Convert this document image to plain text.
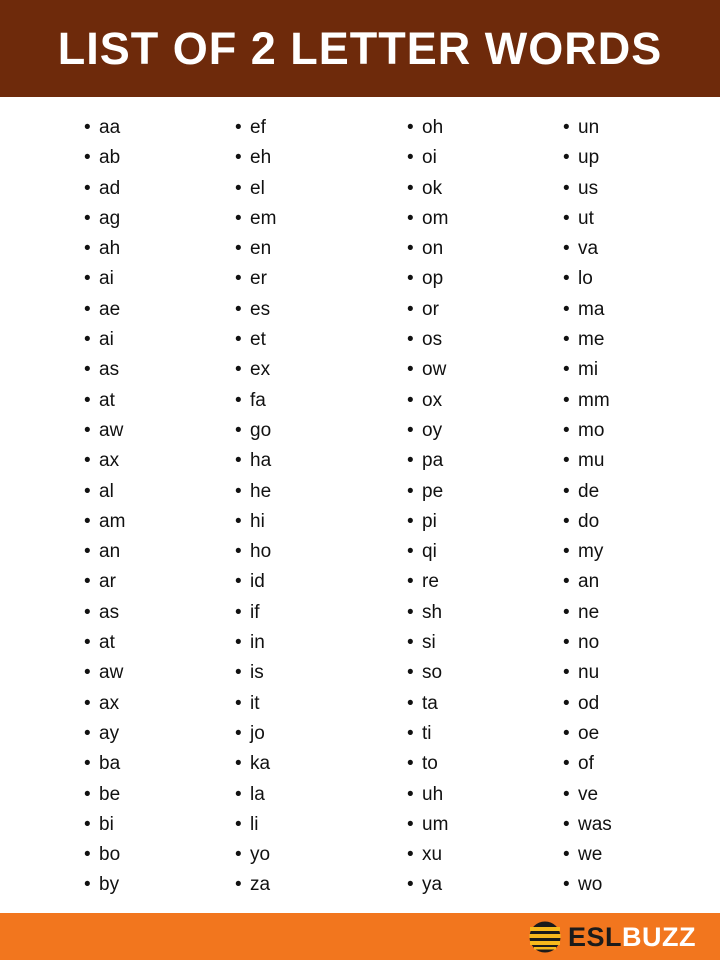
LIST OF 2 LETTER WORDS
• aa
• ab
• ad
• ag
• ah
• ai
• ae
• ai
• as
• at
• aw
• ax
• al
• am
• an
• ar
• as
• at
• aw
• ax
• ay
• ba
• be
• bi
• bo
• by
• ef
• eh
• el
• em
• en
• er
• es
• et
• ex
• fa
• go
• ha
• he
• hi
• ho
• id
• if
• in
• is
• it
• jo
• ka
• la
• li
• yo
• za
• oh
• oi
• ok
• om
• on
• op
• or
• os
• ow
• ox
• oy
• pa
• pe
• pi
• qi
• re
• sh
• si
• so
• ta
• ti
• to
• uh
• um
• xu
• ya
• un
• up
• us
• ut
• va
• lo
• ma
• me
• mi
• mm
• mo
• mu
• de
• do
• my
• an
• ne
• no
• nu
• od
• oe
• of
• ve
• was
• we
• wo
ESLBUZZ
